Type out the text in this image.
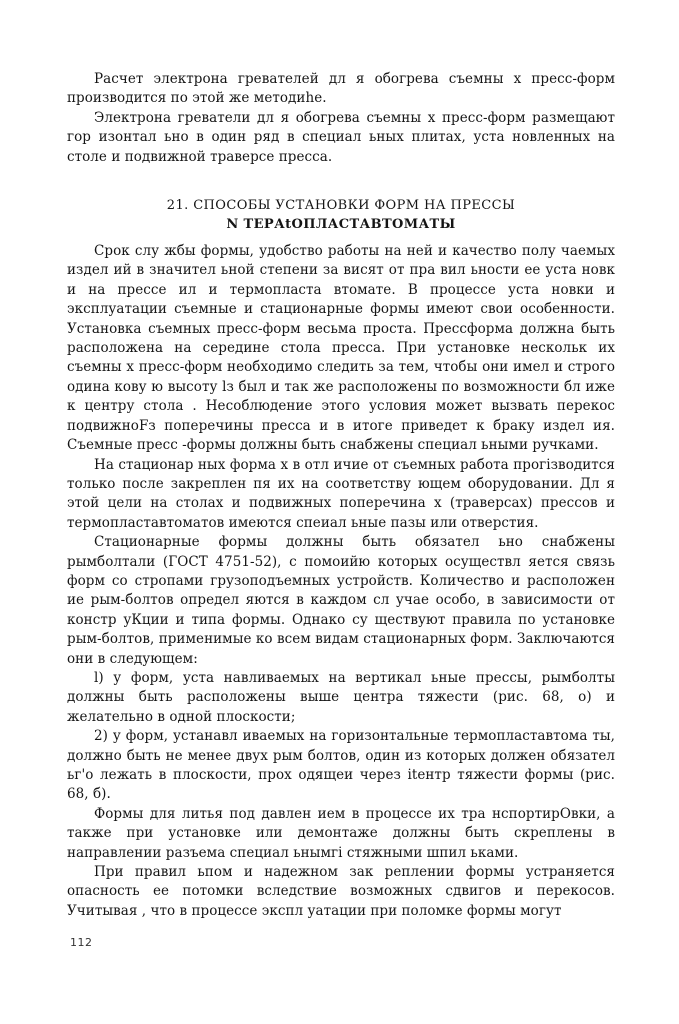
Расчет электрона гревателей дл я обогрева съемны х пресс-форм производится по этой же методиhe.

Электрона греватели дл я обогрева съемны х пресс-форм размещают гор изонтал ьно в один ряд в специал ьных плитах, уста новленных на столе и подвижной траверсе пресса.

21. СПОСОБЫ УСТАНОВКИ ФОРМ НА ПРЕССЫ
N ТЕРАtОПЛАСТАВТОМАТЫ

Срок слу жбы формы, удобство работы на ней и качество полу чаемых издел ий в значител ьной степени за висят от пра вил ьности ее уста новк и на прессе ил и термопласта втомате. В процессе уста новки и эксплуатации съемные и стационарные формы имеют свои особенности. Установка съемных пресс-форм весьма проста. Прессформа должна быть расположена на середине стола пресса. При установке нескольк их съемны х пресс-форм необходимо следить за тем, чтобы они имел и строго одина кову ю высоту lз был и так же расположены по возможности бл иже к центру стола . Несоблюдение этого условия может вызвать перекос подвижноFз поперечины пресса и в итоге приведет к браку издел ия. Съемные пресс -формы должны быть снабжены специал ьными ручками.

На стационар ных форма х в отл ичие от съемных работа прогізводится только после закреплен пя их на соответству ющем оборудовании. Дл я этой цели на столах и подвижных поперечина х (траверсах) прессов и термопластавтоматов имеются спеиал ьные пазы или отверстия.

Стационарные формы должны быть обязател ьно снабжены рымболтали (ГОСТ 4751-52), с помоийю которых осуществл яется связь форм со стропами грузоподъемных устройств. Количество и расположен ие рым-болтов определ яются в каждом сл учае особо, в зависимости от констр уКции и типа формы. Однако су ществуют правила по установке рым-болтов, применимые ко всем видам стационарных форм. Заключаются они в следующем:

l) у форм, уста навливаемых на вертикал ьные прессы, рымболты должны быть расположены выше центра тяжести (рис. 68, о) и желательно в одной плоскости;

2) у форм, устанавл иваемых на горизонтальные термопластавтома ты, должно быть не менее двух рым болтов, один из которых должен обязател ьг'о лежать в плоскости, прох одящеи через itентр тяжести формы (рис. 68, б).

Формы для литья под давлен ием в процессе их тра нспортирОвки, а также при установке или демонтаже должны быть скреплены в направлении разъема специал ьнымгі стяжными шпил ьками.

При правил ьпом и надежном зак реплении формы устраняется опасность ее потомки вследствие возможных сдвигов и перекосов. Учитывая , что в процессе экспл уатации при поломке формы могут

112
